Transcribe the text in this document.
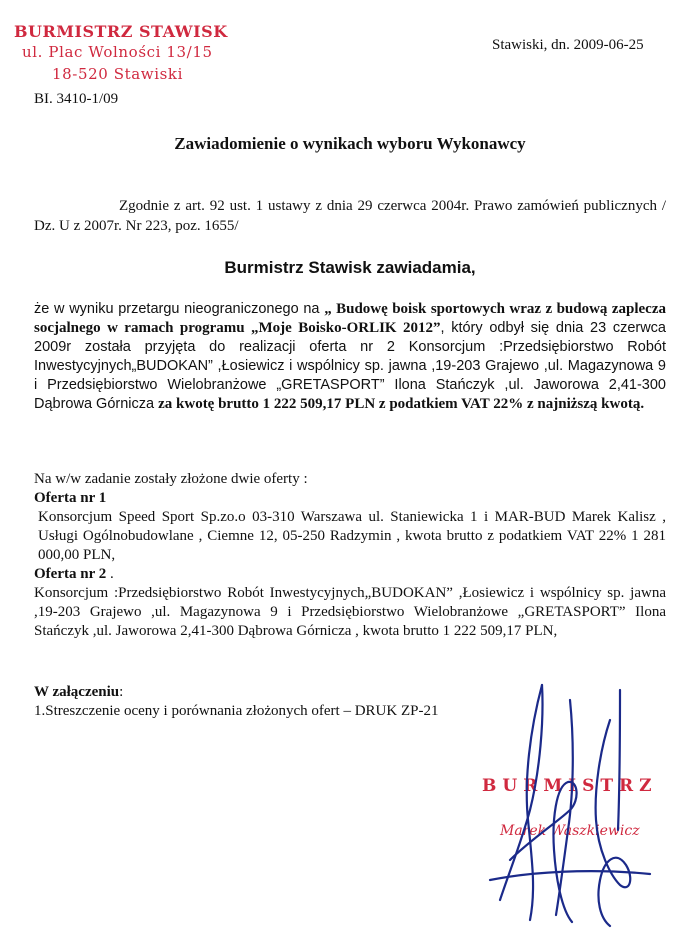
BURMISTRZ STAWISK
ul. Plac Wolności 13/15
18-520 Stawiski
Stawiski, dn. 2009-06-25
BI. 3410-1/09
Zawiadomienie o wynikach wyboru Wykonawcy
Zgodnie z art. 92 ust. 1 ustawy z dnia 29 czerwca 2004r. Prawo zamówień publicznych / Dz. U z 2007r. Nr 223, poz. 1655/
Burmistrz Stawisk zawiadamia,
że w wyniku przetargu nieograniczonego na „ Budowę boisk sportowych wraz z budową zaplecza socjalnego w ramach programu „Moje Boisko-ORLIK 2012”, który odbył się dnia 23 czerwca 2009r została przyjęta do realizacji oferta nr 2 Konsorcjum :Przedsiębiorstwo Robót Inwestycyjnych„BUDOKAN” ,Łosiewicz i wspólnicy sp. jawna ,19-203 Grajewo ,ul. Magazynowa 9 i Przedsiębiorstwo Wielobranżowe „GRETASPORT” Ilona Stańczyk ,ul. Jaworowa 2,41-300 Dąbrowa Górnicza za kwotę brutto 1 222 509,17 PLN z podatkiem VAT 22% z najniższą kwotą.
Na w/w zadanie zostały złożone dwie oferty :
Oferta nr 1
Konsorcjum Speed Sport Sp.zo.o 03-310 Warszawa ul. Staniewicka 1 i MAR-BUD Marek Kalisz , Usługi Ogólnobudowlane , Ciemne 12, 05-250 Radzymin , kwota brutto z podatkiem VAT 22% 1 281 000,00 PLN,
Oferta nr 2 .
Konsorcjum :Przedsiębiorstwo Robót Inwestycyjnych„BUDOKAN” ,Łosiewicz i wspólnicy sp. jawna ,19-203 Grajewo ,ul. Magazynowa 9 i Przedsiębiorstwo Wielobranżowe „GRETASPORT” Ilona Stańczyk ,ul. Jaworowa 2,41-300 Dąbrowa Górnicza , kwota brutto 1 222 509,17 PLN,
W załączeniu:
1.Streszczenie oceny i porównania złożonych ofert – DRUK ZP-21
BURMISTRZ
Marek Waszkiewicz
